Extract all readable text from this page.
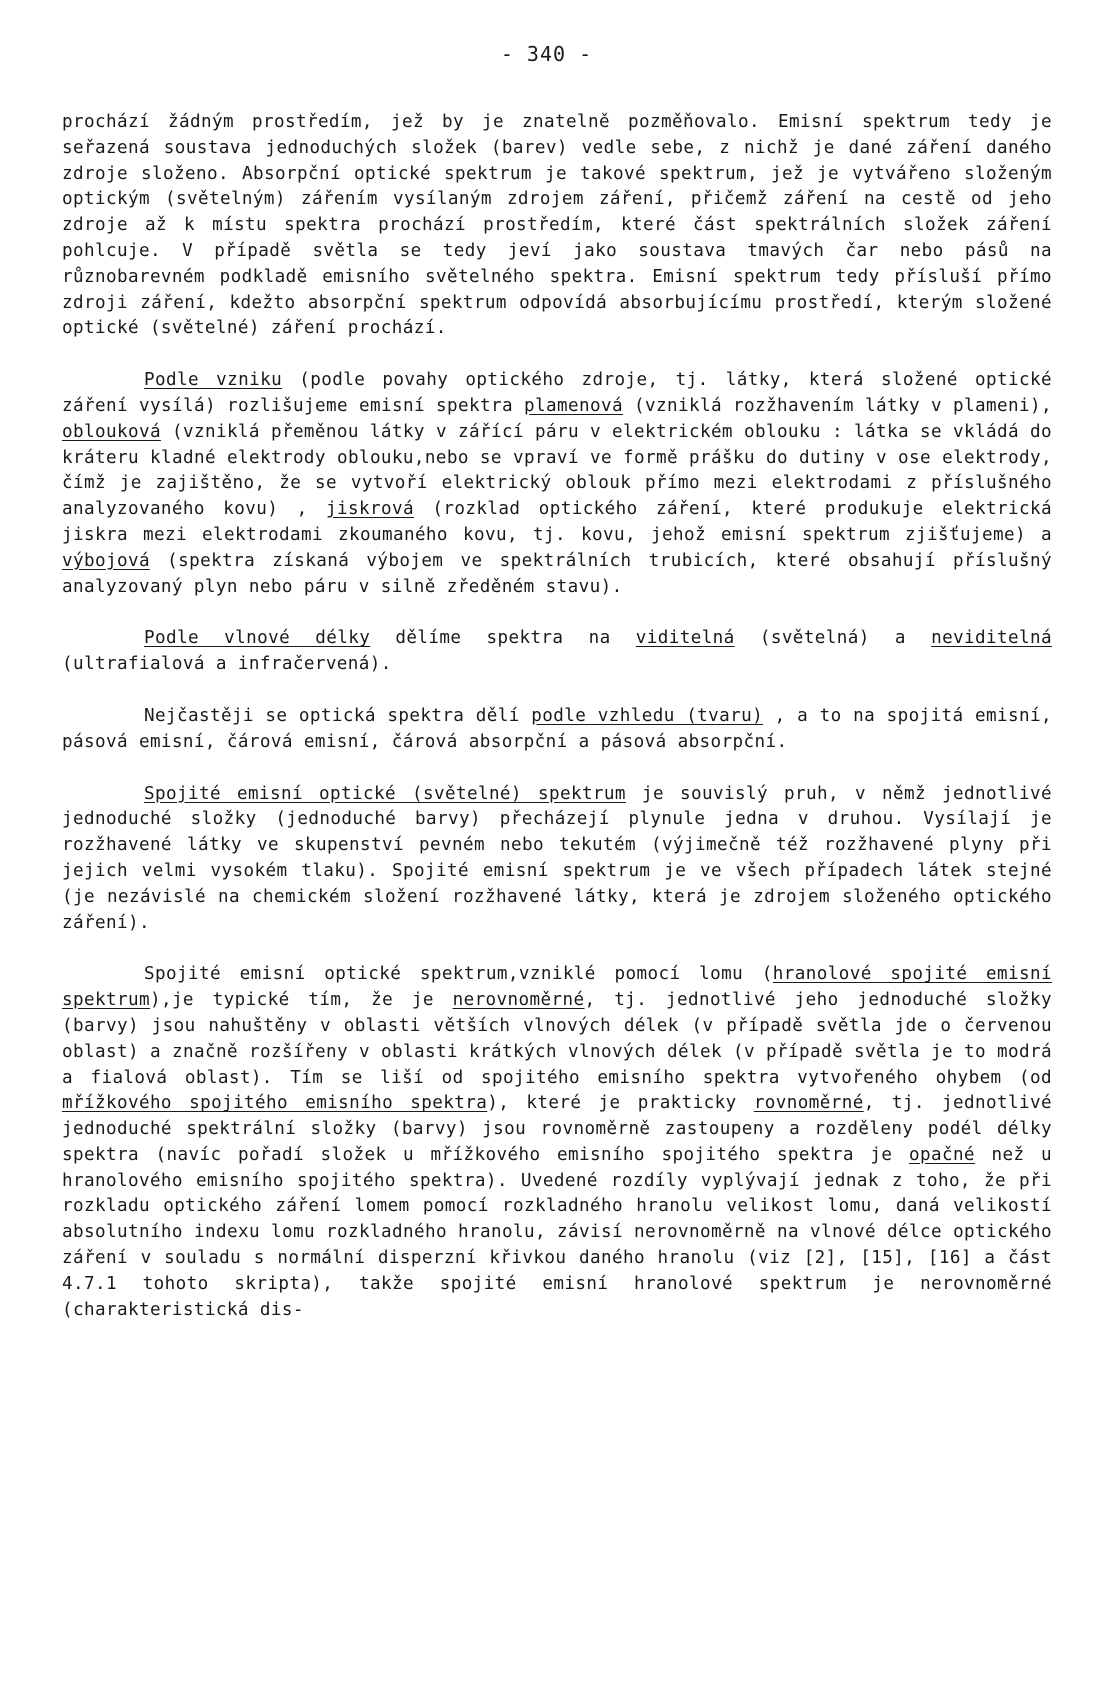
- 340 -

prochází žádným prostředím, jež by je znatelně pozměňovalo. Emisní spektrum tedy je seřazená soustava jednoduchých složek (barev) vedle sebe, z nichž je dané záření daného zdroje složeno. Absorpční optické spektrum je takové spektrum, jež je vytvářeno složeným optickým (světelným) zářením vysílaným zdrojem záření, přičemž záření na cestě od jeho zdroje až k místu spektra prochází prostředím, které část spektrálních složek záření pohlcuje. V případě světla se tedy jeví jako soustava tmavých čar nebo pásů na různobarevném podkladě emisního světelného spektra. Emisní spektrum tedy přísluší přímo zdroji záření, kdežto absorpční spektrum odpovídá absorbujícímu prostředí, kterým složené optické (světelné) záření prochází.

Podle vzniku (podle povahy optického zdroje, tj. látky, která složené optické záření vysílá) rozlišujeme emisní spektra plamenová (vzniklá rozžhavením látky v plameni), oblouková (vzniklá přeměnou látky v zářící páru v elektrickém oblouku : látka se vkládá do kráteru kladné elektrody oblouku,nebo se vpraví ve formě prášku do dutiny v ose elektrody, čímž je zajištěno, že se vytvoří elektrický oblouk přímo mezi elektrodami z příslušného analyzovaného kovu) , jiskrová (rozklad optického záření, které produkuje elektrická jiskra mezi elektrodami zkoumaného kovu, tj. kovu, jehož emisní spektrum zjišťujeme) a výbojová (spektra získaná výbojem ve spektrálních trubicích, které obsahují příslušný analyzovaný plyn nebo páru v silně zředěném stavu).

Podle vlnové délky dělíme spektra na viditelná (světelná) a neviditelná (ultrafialová a infračervená).

Nejčastěji se optická spektra dělí podle vzhledu (tvaru) , a to na spojitá emisní, pásová emisní, čárová emisní, čárová absorpční a pásová absorpční.

Spojité emisní optické (světelné) spektrum je souvislý pruh, v němž jednotlivé jednoduché složky (jednoduché barvy) přecházejí plynule jedna v druhou. Vysílají je rozžhavené látky ve skupenství pevném nebo tekutém (výjimečně též rozžhavené plyny při jejich velmi vysokém tlaku). Spojité emisní spektrum je ve všech případech látek stejné (je nezávislé na chemickém složení rozžhavené látky, která je zdrojem složeného optického záření).

Spojité emisní optické spektrum,vzniklé pomocí lomu (hranolové spojité emisní spektrum),je typické tím, že je nerovnoměrné, tj. jednotlivé jeho jednoduché složky (barvy) jsou nahuštěny v oblasti větších vlnových délek (v případě světla jde o červenou oblast) a značně rozšířeny v oblasti krátkých vlnových délek (v případě světla je to modrá a fialová oblast). Tím se liší od spojitého emisního spektra vytvořeného ohybem (od mřížkového spojitého emisního spektra), které je prakticky rovnoměrné, tj. jednotlivé jednoduché spektrální složky (barvy) jsou rovnoměrně zastoupeny a rozděleny podél délky spektra (navíc pořadí složek u mřížkového emisního spojitého spektra je opačné než u hranolového emisního spojitého spektra). Uvedené rozdíly vyplývají jednak z toho, že při rozkladu optického záření lomem pomocí rozkladného hranolu velikost lomu, daná velikostí absolutního indexu lomu rozkladného hranolu, závisí nerovnoměrně na vlnové délce optického záření v souladu s normální disperzní křivkou daného hranolu (viz [2], [15], [16] a část 4.7.1 tohoto skripta), takže spojité emisní hranolové spektrum je nerovnoměrné (charakteristická dis-
